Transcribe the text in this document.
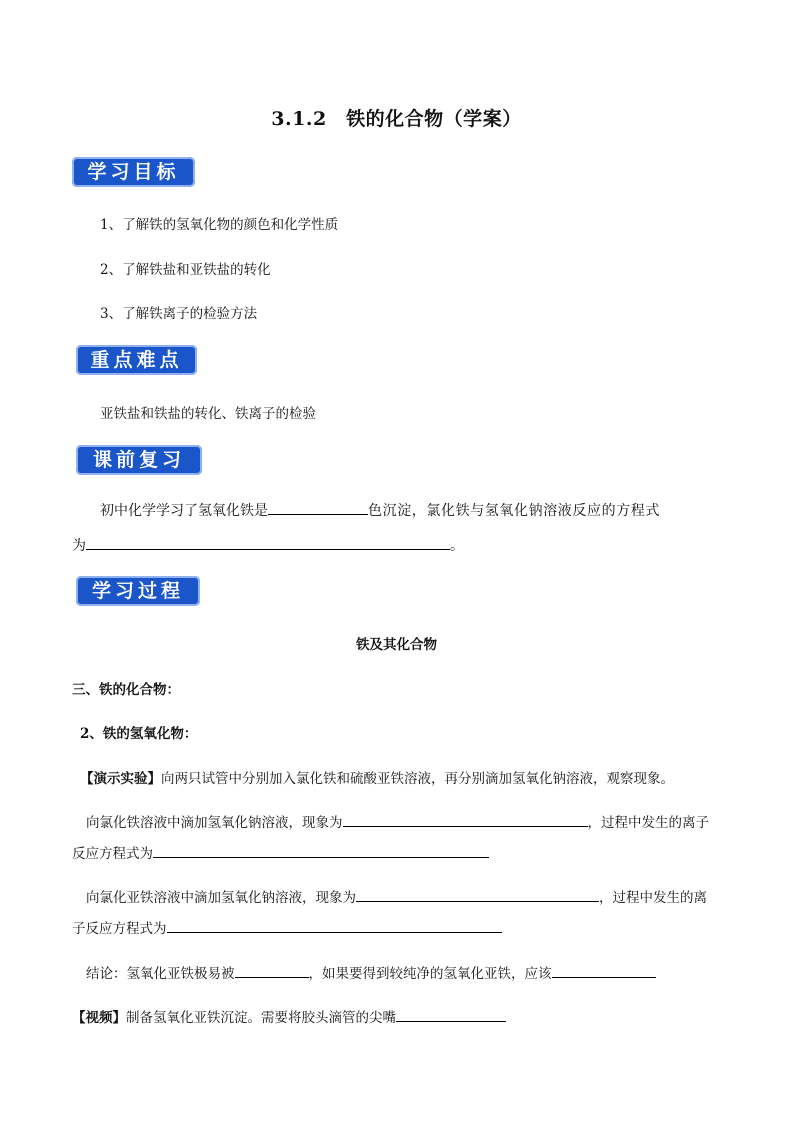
3.1.2　铁的化合物（学案）
学习目标
1、了解铁的氢氧化物的颜色和化学性质
2、了解铁盐和亚铁盐的转化
3、了解铁离子的检验方法
重点难点
亚铁盐和铁盐的转化、铁离子的检验
课前复习
初中化学学习了氢氧化铁是	色沉淀，氯化铁与氢氧化钠溶液反应的方程式
为	。
学习过程
铁及其化合物
三、铁的化合物：
2、铁的氢氧化物：
【演示实验】向两只试管中分别加入氯化铁和硫酸亚铁溶液，再分别滴加氢氧化钠溶液，观察现象。
向氯化铁溶液中滴加氢氧化钠溶液，现象为	，过程中发生的离子
反应方程式为
向氯化亚铁溶液中滴加氢氧化钠溶液，现象为	，过程中发生的离
子反应方程式为
结论：氢氧化亚铁极易被	，如果要得到较纯净的氢氧化亚铁，应该
【视频】制备氢氧化亚铁沉淀。需要将胶头滴管的尖嘴
